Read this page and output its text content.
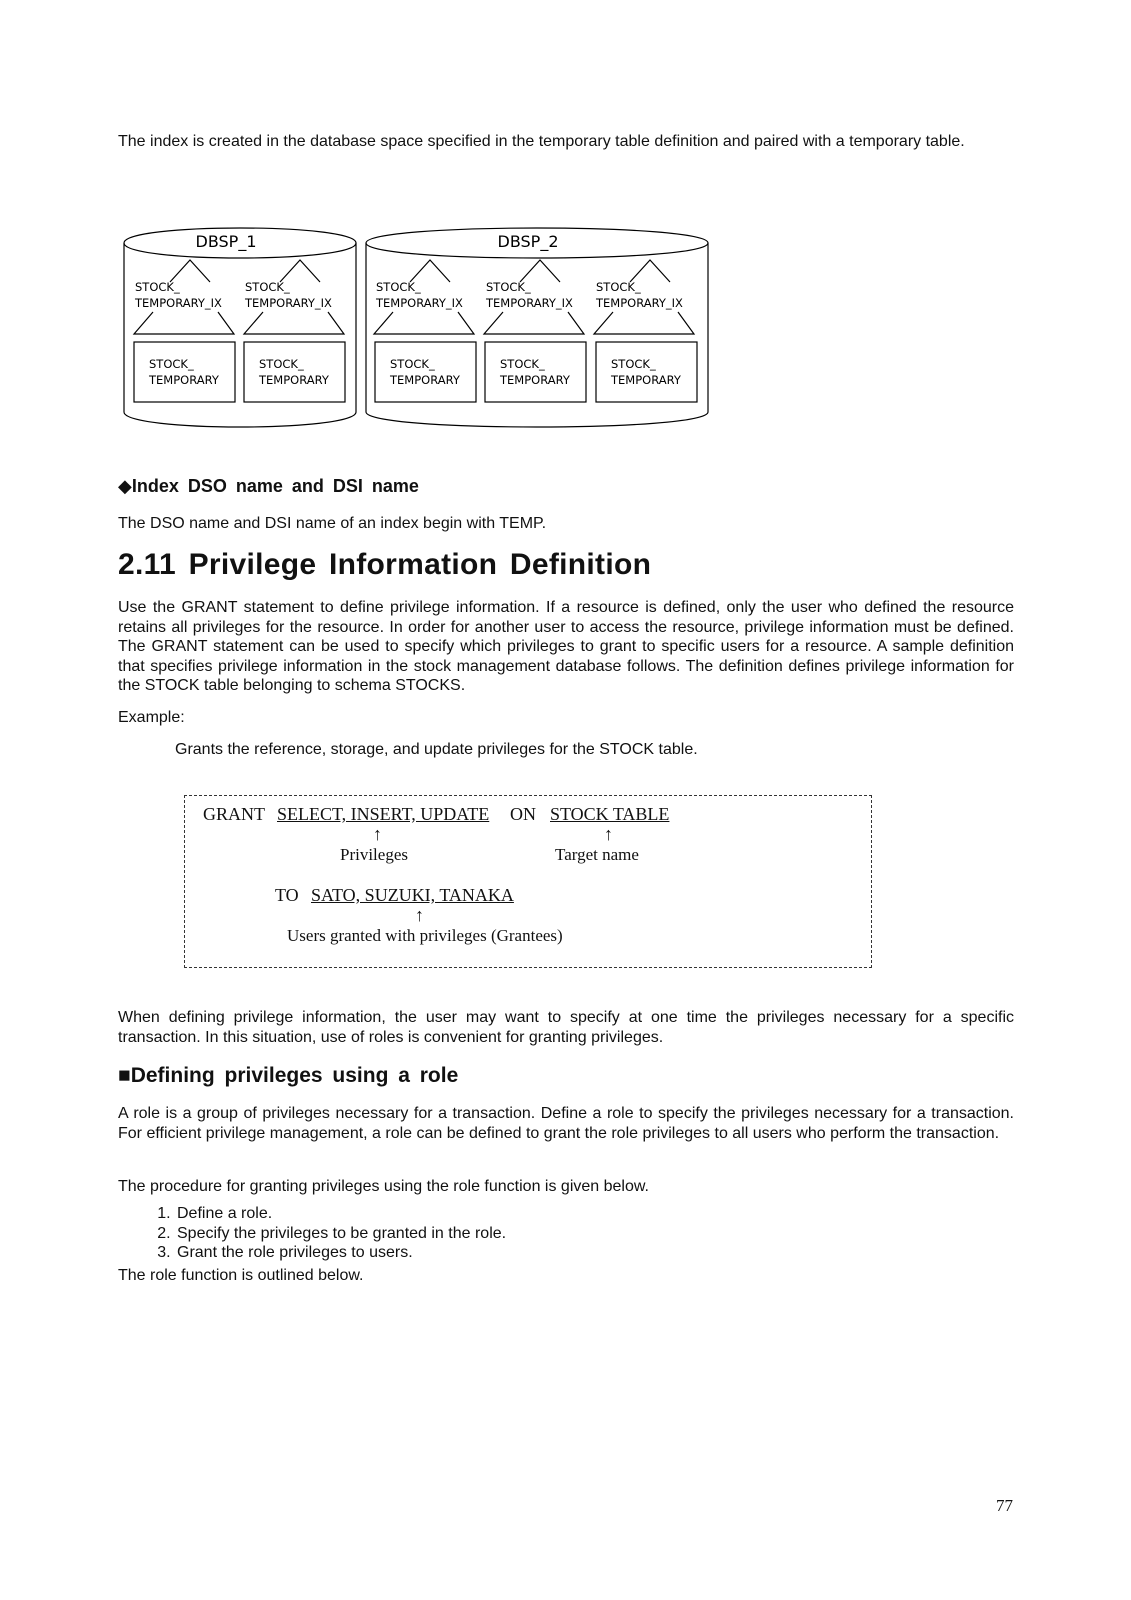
The index is created in the database space specified in the temporary table definition and paired with a temporary table.

DBSP_1	DBSP_2
STOCK_
TEMPORARY_IX
STOCK_
TEMPORARY_IX
STOCK_
TEMPORARY_IX
STOCK_
TEMPORARY_IX
STOCK_
TEMPORARY_IX
STOCK_
TEMPORARY
STOCK_
TEMPORARY
STOCK_
TEMPORARY
STOCK_
TEMPORARY
STOCK_
TEMPORARY
◆Index DSO name and DSI name

The DSO name and DSI name of an index begin with TEMP.

2.11 Privilege Information Definition

Use the GRANT statement to define privilege information. If a resource is defined, only the user who defined the resource retains all privileges for the resource. In order for another user to access the resource, privilege information must be defined. The GRANT statement can be used to specify which privileges to grant to specific users for a resource. A sample definition that specifies privilege information in the stock management database follows. The definition defines privilege information for the STOCK table belonging to schema STOCKS.

Example:

Grants the reference, storage, and update privileges for the STOCK table.

GRANT SELECT, INSERT, UPDATE ON STOCK TABLE
↑	↑
Privileges	Target name
TO SATO, SUZUKI, TANAKA
↑
Users granted with privileges (Grantees)

When defining privilege information, the user may want to specify at one time the privileges necessary for a specific transaction. In this situation, use of roles is convenient for granting privileges.

■Defining privileges using a role

A role is a group of privileges necessary for a transaction. Define a role to specify the privileges necessary for a transaction. For efficient privilege management, a role can be defined to grant the role privileges to all users who perform the transaction.

The procedure for granting privileges using the role function is given below.

1. Define a role.
2. Specify the privileges to be granted in the role.
3. Grant the role privileges to users.

The role function is outlined below.

77
